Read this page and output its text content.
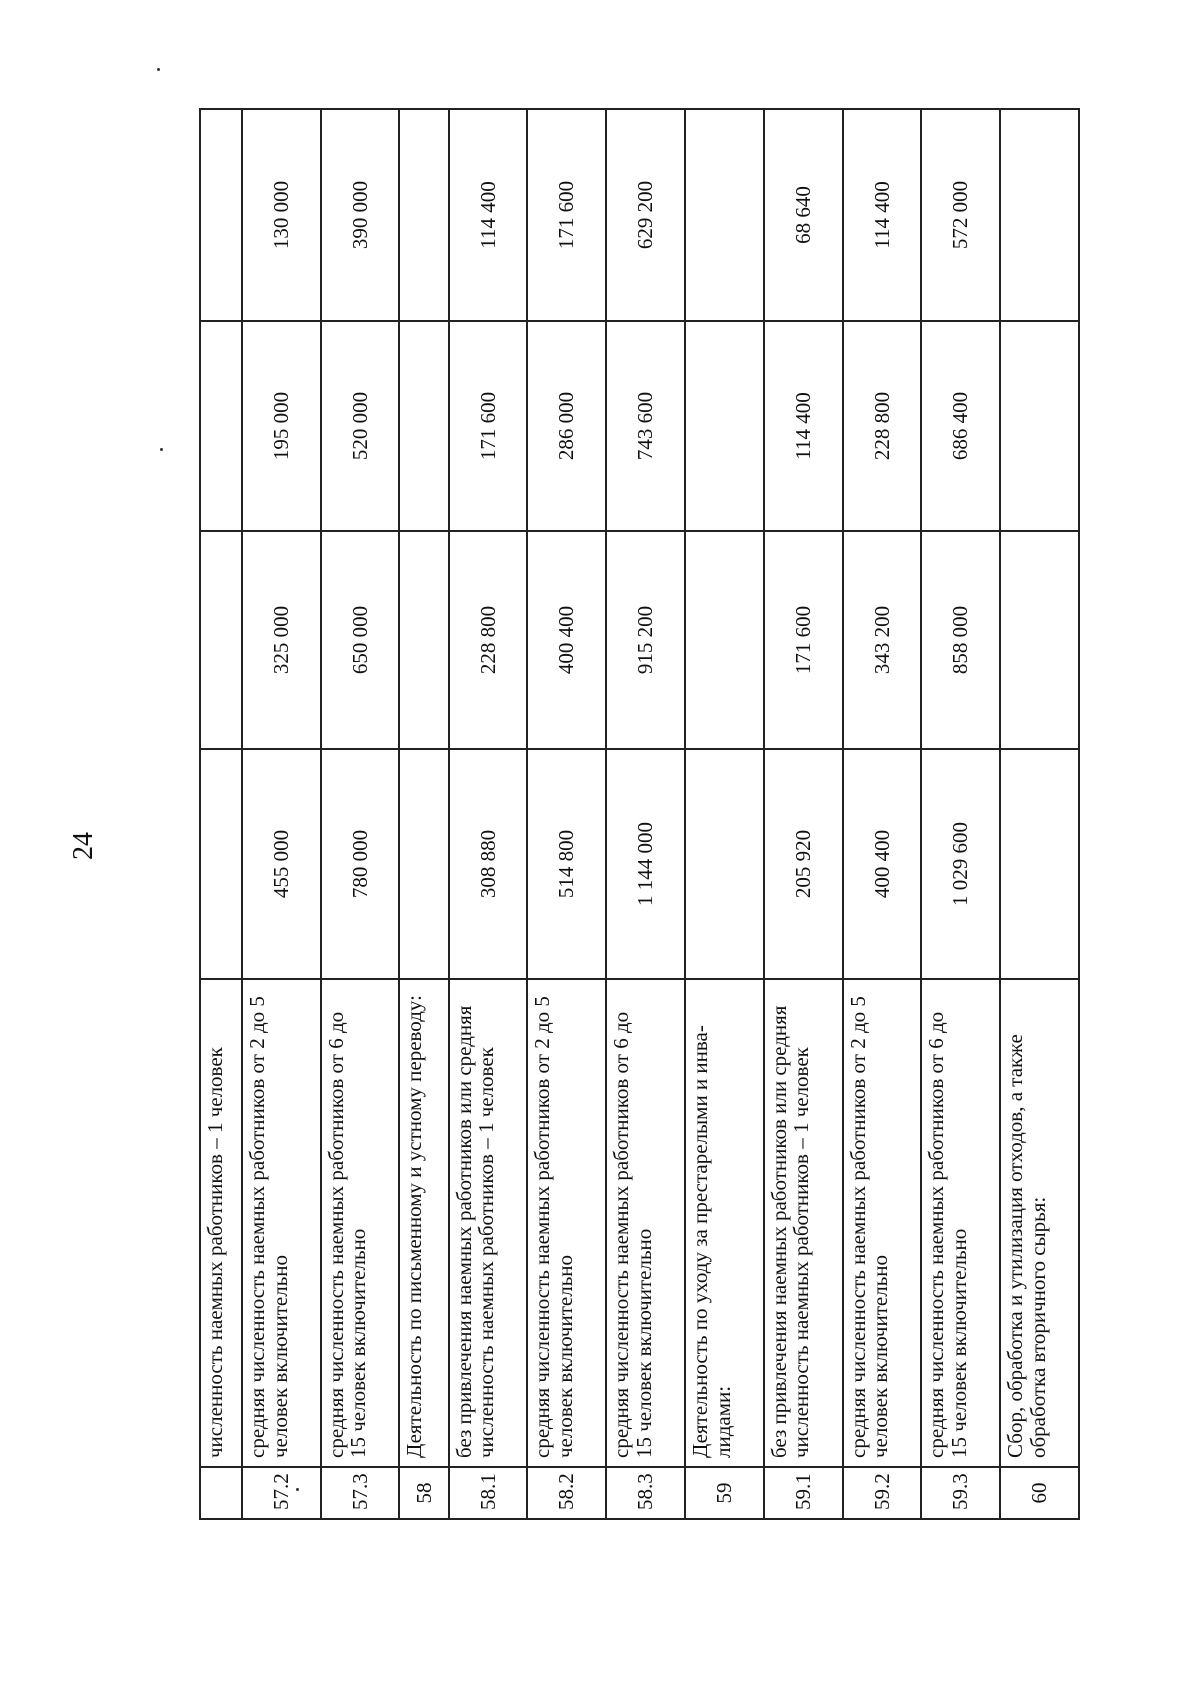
24
	численность наемных работников – 1 человек				
57.2	средняя численность наемных работников от 2 до 5 человек включительно	455 000	325 000	195 000	130 000
57.3	средняя численность наемных работников от 6 до 15 человек включительно	780 000	650 000	520 000	390 000
58	Деятельность по письменному и устному переводу:				
58.1	без привлечения наемных работников или средняя численность наемных работников – 1 человек	308 880	228 800	171 600	114 400
58.2	средняя численность наемных работников от 2 до 5 человек включительно	514 800	400 400	286 000	171 600
58.3	средняя численность наемных работников от 6 до 15 человек включительно	1 144 000	915 200	743 600	629 200
59	Деятельность по уходу за престарелыми и инва-лидами:				
59.1	без привлечения наемных работников или средняя численность наемных работников – 1 человек	205 920	171 600	114 400	68 640
59.2	средняя численность наемных работников от 2 до 5 человек включительно	400 400	343 200	228 800	114 400
59.3	средняя численность наемных работников от 6 до 15 человек включительно	1 029 600	858 000	686 400	572 000
60	Сбор, обработка и утилизация отходов, а также обработка вторичного сырья:				
